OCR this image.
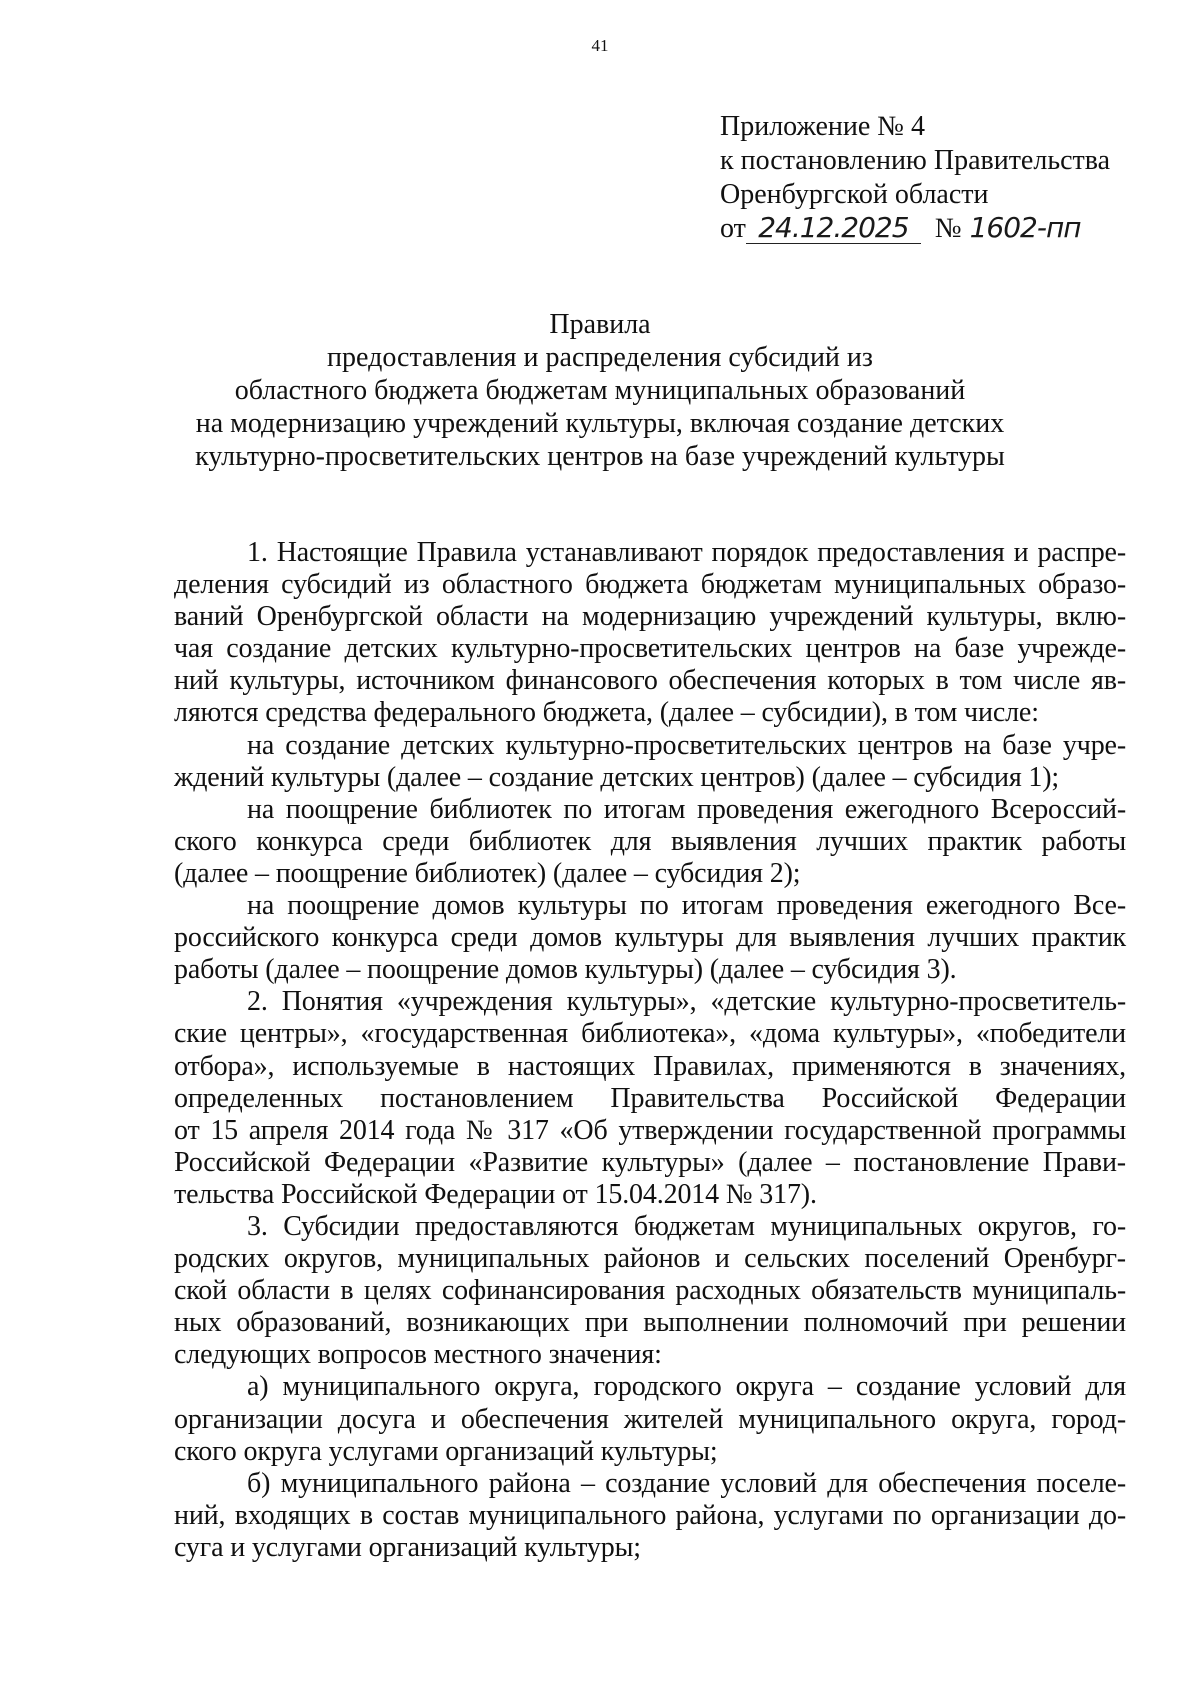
41
Приложение № 4
к постановлению Правительства
Оренбургской области
от 24.12.2025 № 1602-пп
Правила
предоставления и распределения субсидий из
областного бюджета бюджетам муниципальных образований
на модернизацию учреждений культуры, включая создание детских
культурно-просветительских центров на базе учреждений культуры
1. Настоящие Правила устанавливают порядок предоставления и распре-
деления субсидий из областного бюджета бюджетам муниципальных образо-
ваний Оренбургской области на модернизацию учреждений культуры, вклю-
чая создание детских культурно-просветительских центров на базе учрежде-
ний культуры, источником финансового обеспечения которых в том числе яв-
ляются средства федерального бюджета, (далее – субсидии), в том числе:
на создание детских культурно-просветительских центров на базе учре-
ждений культуры (далее – создание детских центров) (далее – субсидия 1);
на поощрение библиотек по итогам проведения ежегодного Всероссий-
ского конкурса среди библиотек для выявления лучших практик работы
(далее – поощрение библиотек) (далее – субсидия 2);
на поощрение домов культуры по итогам проведения ежегодного Все-
российского конкурса среди домов культуры для выявления лучших практик
работы (далее – поощрение домов культуры) (далее – субсидия 3).
2. Понятия «учреждения культуры», «детские культурно-просветитель-
ские центры», «государственная библиотека», «дома культуры», «победители
отбора», используемые в настоящих Правилах, применяются в значениях,
определенных постановлением Правительства Российской Федерации
от 15 апреля 2014 года № 317 «Об утверждении государственной программы
Российской Федерации «Развитие культуры» (далее – постановление Прави-
тельства Российской Федерации от 15.04.2014 № 317).
3. Субсидии предоставляются бюджетам муниципальных округов, го-
родских округов, муниципальных районов и сельских поселений Оренбург-
ской области в целях софинансирования расходных обязательств муниципаль-
ных образований, возникающих при выполнении полномочий при решении
следующих вопросов местного значения:
а) муниципального округа, городского округа – создание условий для
организации досуга и обеспечения жителей муниципального округа, город-
ского округа услугами организаций культуры;
б) муниципального района – создание условий для обеспечения поселе-
ний, входящих в состав муниципального района, услугами по организации до-
суга и услугами организаций культуры;
